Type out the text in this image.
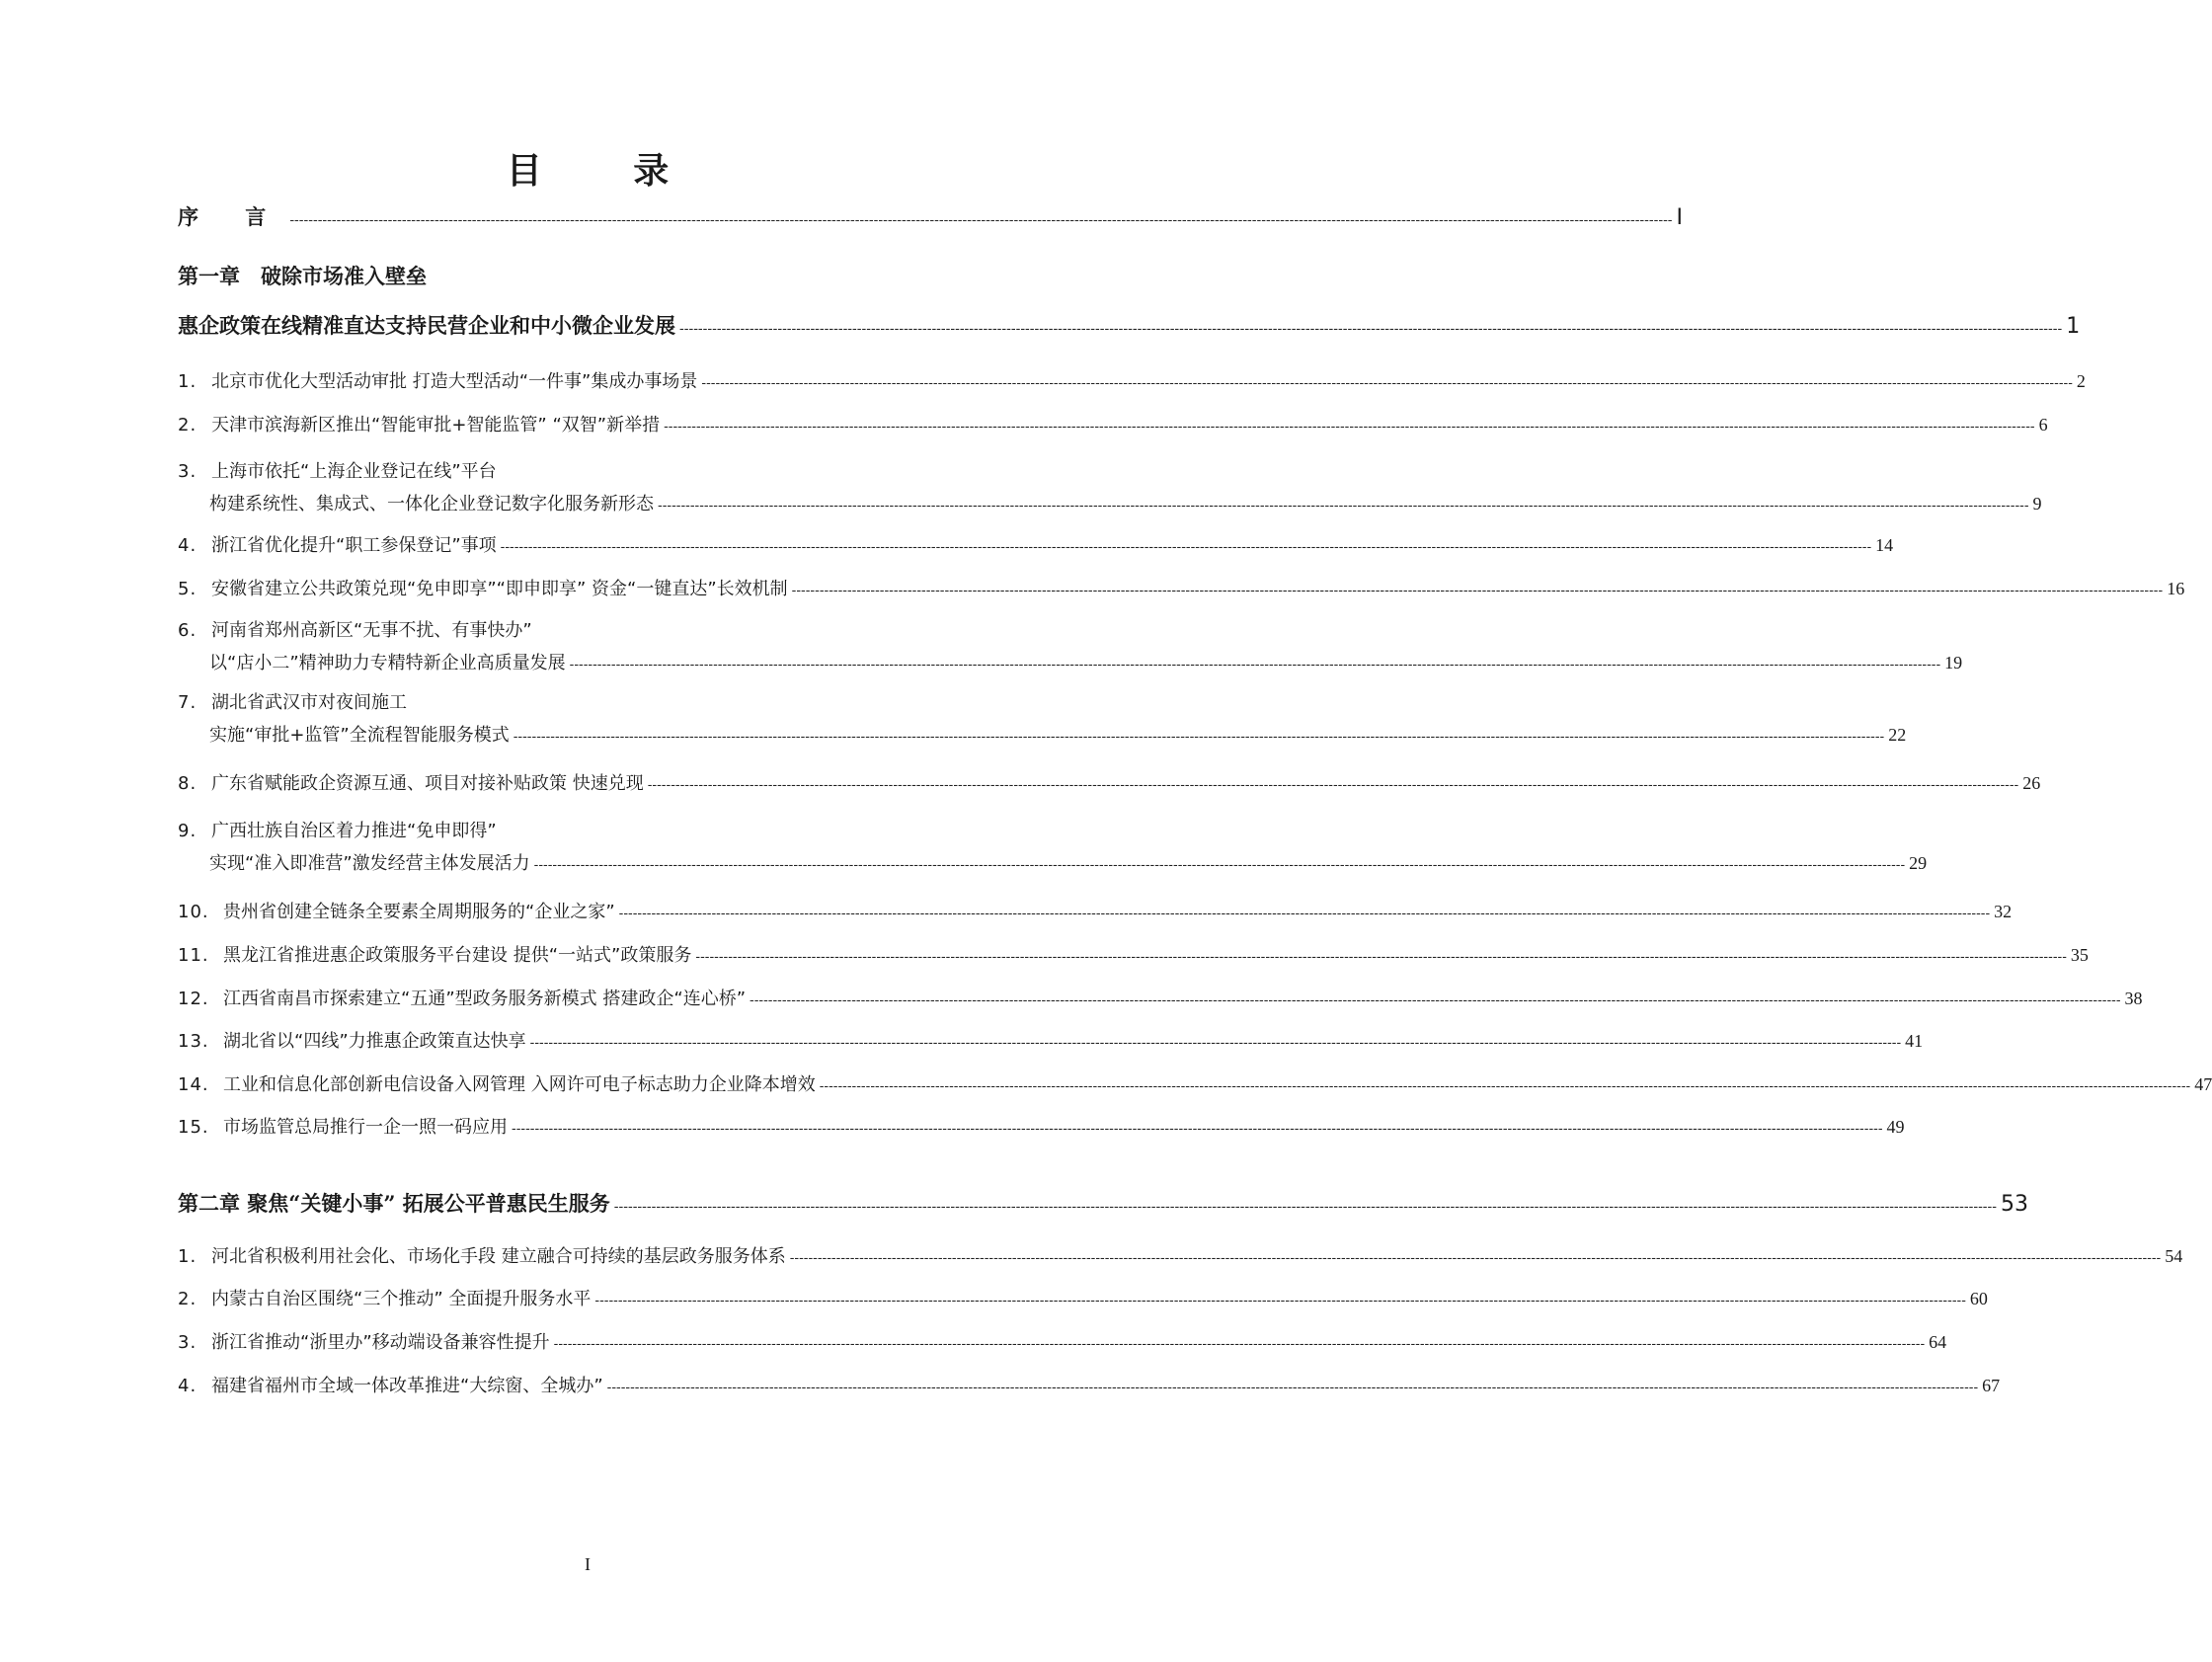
目 录
序 言 -----	I
第一章　破除市场准入壁垒
惠企政策在线精准直达支持民营企业和中小微企业发展 -----	1
1. 北京市优化大型活动审批 打造大型活动“一件事”集成办事场景 -----	2
2. 天津市滨海新区推出“智能审批+智能监管” “双智”新举措 -----	6
3. 上海市依托“上海企业登记在线”平台
构建系统性、集成式、一体化企业登记数字化服务新形态 -----	9
4. 浙江省优化提升“职工参保登记”事项 -----	14
5. 安徽省建立公共政策兑现“免申即享”“即申即享” 资金“一键直达”长效机制 -----	16
6. 河南省郑州高新区“无事不扰、有事快办”
以“店小二”精神助力专精特新企业高质量发展 -----	19
7. 湖北省武汉市对夜间施工
实施“审批+监管”全流程智能服务模式 -----	22
8. 广东省赋能政企资源互通、项目对接补贴政策 快速兑现 -----	26
9. 广西壮族自治区着力推进“免申即得”
实现“准入即准营”激发经营主体发展活力 -----	29
10. 贵州省创建全链条全要素全周期服务的“企业之家” -----	32
11. 黑龙江省推进惠企政策服务平台建设 提供“一站式”政策服务 -----	35
12. 江西省南昌市探索建立“五通”型政务服务新模式 搭建政企“连心桥” -----	38
13. 湖北省以“四线”力推惠企政策直达快享 -----	41
14. 工业和信息化部创新电信设备入网管理 入网许可电子标志助力企业降本增效 -----	47
15. 市场监管总局推行一企一照一码应用 -----	49
第二章 聚焦“关键小事” 拓展公平普惠民生服务 -----	53
1. 河北省积极利用社会化、市场化手段 建立融合可持续的基层政务服务体系 -----	54
2. 内蒙古自治区围绕“三个推动” 全面提升服务水平 -----	60
3. 浙江省推动“浙里办”移动端设备兼容性提升 -----	64
4. 福建省福州市全域一体改革推进“大综窗、全城办” -----	67
I
